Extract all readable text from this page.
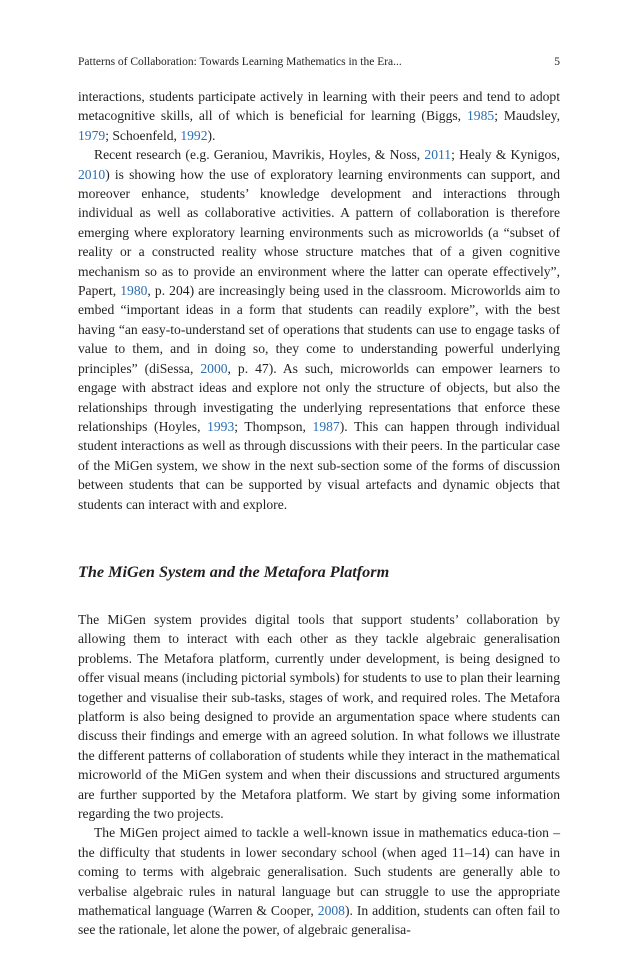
Patterns of Collaboration: Towards Learning Mathematics in the Era...	5

interactions, students participate actively in learning with their peers and tend to adopt metacognitive skills, all of which is beneficial for learning (Biggs, 1985; Maudsley, 1979; Schoenfeld, 1992).

Recent research (e.g. Geraniou, Mavrikis, Hoyles, & Noss, 2011; Healy & Kynigos, 2010) is showing how the use of exploratory learning environments can support, and moreover enhance, students’ knowledge development and interactions through individual as well as collaborative activities. A pattern of collaboration is therefore emerging where exploratory learning environments such as microworlds (a “subset of reality or a constructed reality whose structure matches that of a given cognitive mechanism so as to provide an environment where the latter can operate effectively”, Papert, 1980, p. 204) are increasingly being used in the classroom. Microworlds aim to embed “important ideas in a form that students can readily explore”, with the best having “an easy-to-understand set of operations that students can use to engage tasks of value to them, and in doing so, they come to understanding powerful underlying principles” (diSessa, 2000, p. 47). As such, microworlds can empower learners to engage with abstract ideas and explore not only the structure of objects, but also the relationships through investigating the underlying representations that enforce these relationships (Hoyles, 1993; Thompson, 1987). This can happen through individual student interactions as well as through discussions with their peers. In the particular case of the MiGen system, we show in the next sub-section some of the forms of discussion between students that can be supported by visual artefacts and dynamic objects that students can interact with and explore.

The MiGen System and the Metafora Platform

The MiGen system provides digital tools that support students’ collaboration by allowing them to interact with each other as they tackle algebraic generalisation problems. The Metafora platform, currently under development, is being designed to offer visual means (including pictorial symbols) for students to use to plan their learning together and visualise their sub-tasks, stages of work, and required roles. The Metafora platform is also being designed to provide an argumentation space where students can discuss their findings and emerge with an agreed solution. In what follows we illustrate the different patterns of collaboration of students while they interact in the mathematical microworld of the MiGen system and when their discussions and structured arguments are further supported by the Metafora platform. We start by giving some information regarding the two projects.

The MiGen project aimed to tackle a well-known issue in mathematics educa-tion – the difficulty that students in lower secondary school (when aged 11–14) can have in coming to terms with algebraic generalisation. Such students are generally able to verbalise algebraic rules in natural language but can struggle to use the appropriate mathematical language (Warren & Cooper, 2008). In addition, students can often fail to see the rationale, let alone the power, of algebraic generalisa-
